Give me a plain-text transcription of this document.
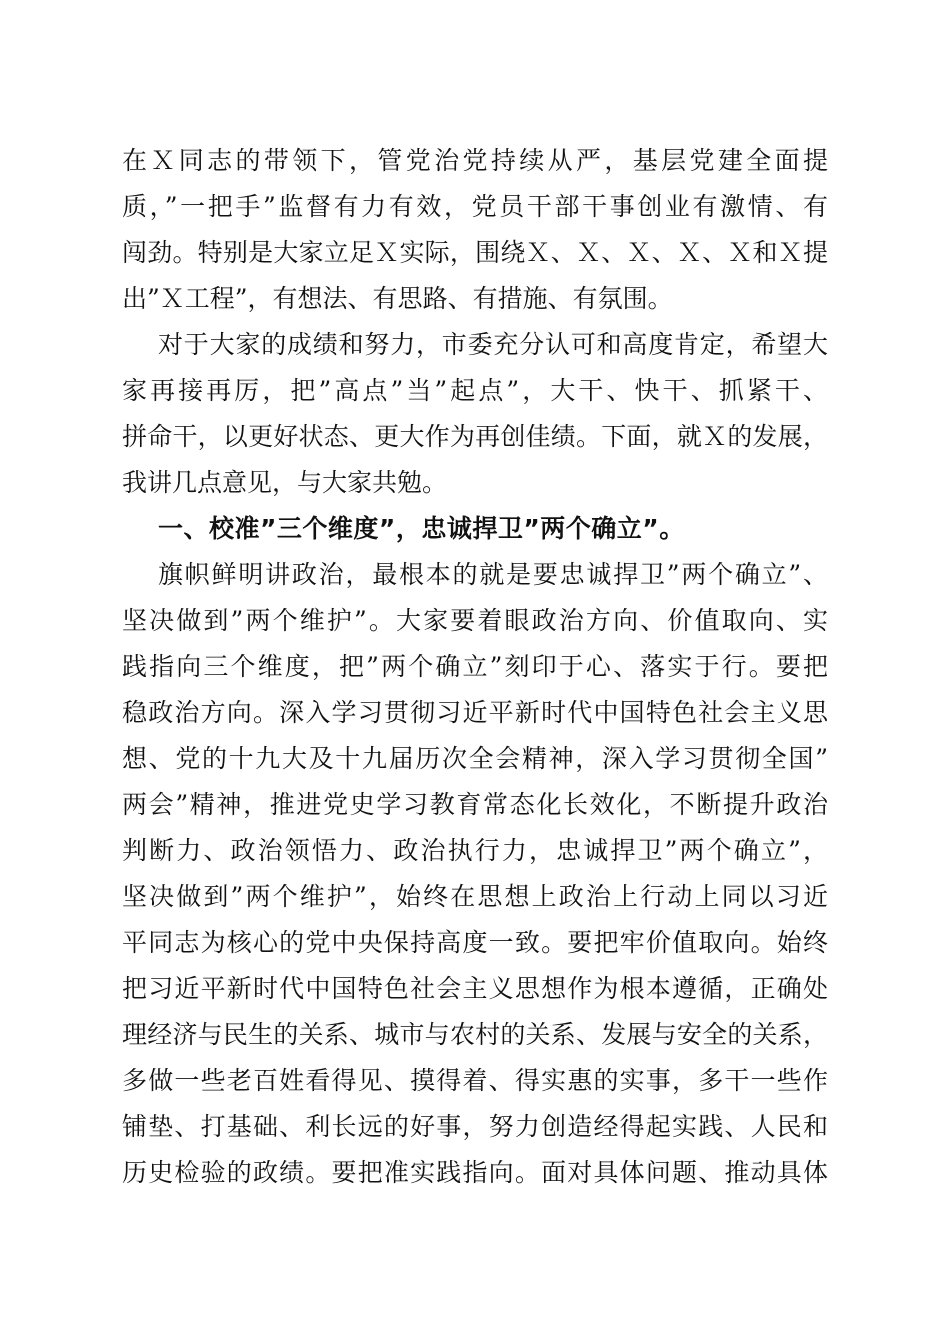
在Ｘ同志的带领下，管党治党持续从严，基层党建全面提
质，”一把手”监督有力有效，党员干部干事创业有激情、有
闯劲。特别是大家立足Ｘ实际，围绕Ｘ、Ｘ、Ｘ、Ｘ、Ｘ和Ｘ提
出”Ｘ工程”，有想法、有思路、有措施、有氛围。
对于大家的成绩和努力，市委充分认可和高度肯定，希望大
家再接再厉，把”高点”当”起点”，大干、快干、抓紧干、
拼命干，以更好状态、更大作为再创佳绩。下面，就Ｘ的发展，
我讲几点意见，与大家共勉。
一、校准”三个维度”，忠诚捍卫”两个确立”。
旗帜鲜明讲政治，最根本的就是要忠诚捍卫”两个确立”、
坚决做到”两个维护”。大家要着眼政治方向、价值取向、实
践指向三个维度，把”两个确立”刻印于心、落实于行。要把
稳政治方向。深入学习贯彻习近平新时代中国特色社会主义思
想、党的十九大及十九届历次全会精神，深入学习贯彻全国”
两会”精神，推进党史学习教育常态化长效化，不断提升政治
判断力、政治领悟力、政治执行力，忠诚捍卫”两个确立”，
坚决做到”两个维护”，始终在思想上政治上行动上同以习近
平同志为核心的党中央保持高度一致。要把牢价值取向。始终
把习近平新时代中国特色社会主义思想作为根本遵循，正确处
理经济与民生的关系、城市与农村的关系、发展与安全的关系，
多做一些老百姓看得见、摸得着、得实惠的实事，多干一些作
铺垫、打基础、利长远的好事，努力创造经得起实践、人民和
历史检验的政绩。要把准实践指向。面对具体问题、推动具体
